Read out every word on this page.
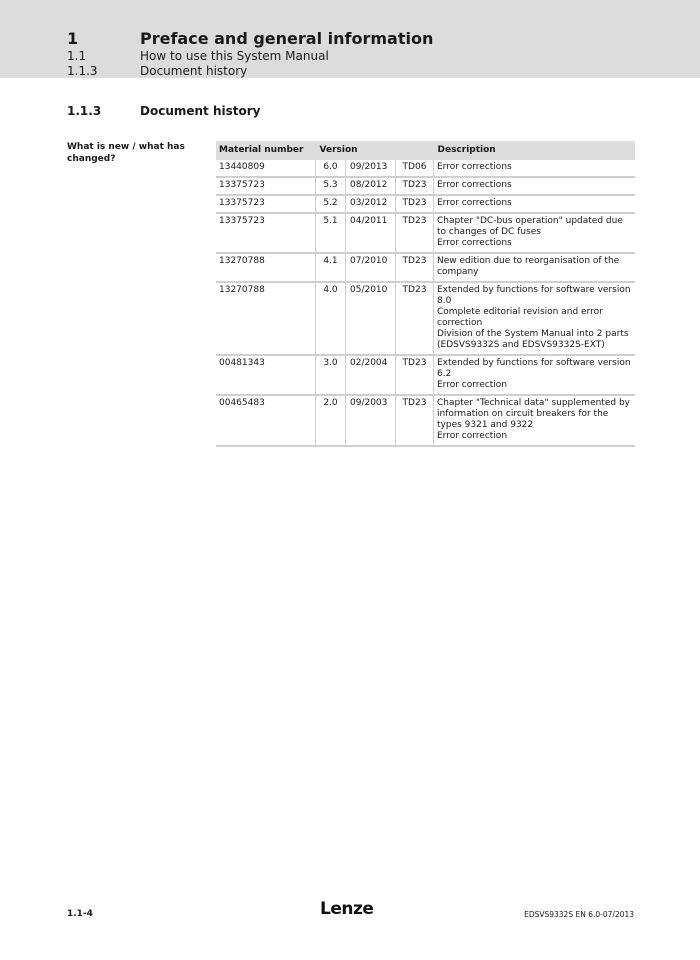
1	Preface and general information
1.1	How to use this System Manual
1.1.3	Document history
1.1.3	Document history
What is new / what has changed?
Material number	Version			Description
13440809	6.0	09/2013	TD06	Error corrections

13375723	5.3	08/2012	TD23	Error corrections

13375723	5.2	03/2012	TD23	Error corrections

13375723	5.1	04/2011	TD23	Chapter "DC-bus operation" updated due to changes of DC fuses
Error corrections

13270788	4.1	07/2010	TD23	New edition due to reorganisation of the company

13270788	4.0	05/2010	TD23	Extended by functions for software version 8.0
Complete editorial revision and error correction
Division of the System Manual into 2 parts (EDSVS9332S and EDSVS9332S-EXT)

00481343	3.0	02/2004	TD23	Extended by functions for software version 6.2
Error correction

00465483	2.0	09/2003	TD23	Chapter "Technical data" supplemented by information on circuit breakers for the types 9321 and 9322
Error correction
1.1-4	Lenze	EDSVS9332S EN 6.0-07/2013
